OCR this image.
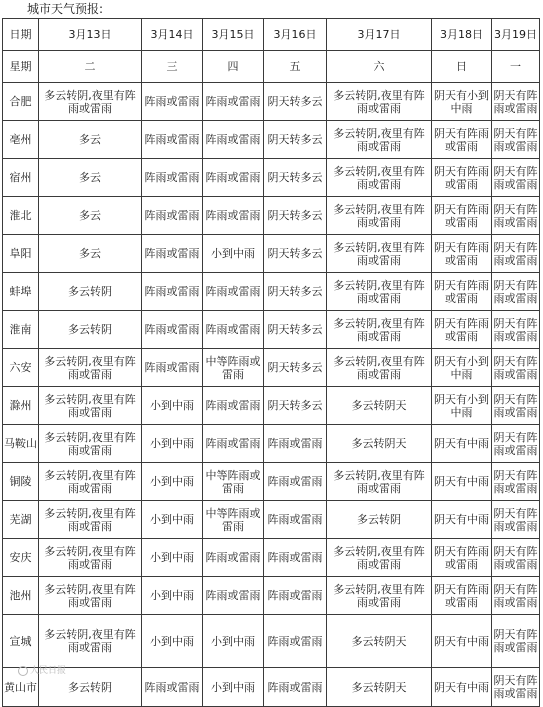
城市天气预报:
日期	3月13日	3月14日	3月15日	3月16日	3月17日	3月18日	3月19日
星期	二	三	四	五	六	日	一
合肥	多云转阴,夜里有阵雨或雷雨	阵雨或雷雨	阵雨或雷雨	阴天转多云	多云转阴,夜里有阵雨或雷雨	阴天有小到中雨	阴天有阵雨或雷雨
亳州	多云	阵雨或雷雨	阵雨或雷雨	阴天转多云	多云转阴,夜里有阵雨或雷雨	阴天有阵雨或雷雨	阴天有阵雨或雷雨
宿州	多云	阵雨或雷雨	阵雨或雷雨	阴天转多云	多云转阴,夜里有阵雨或雷雨	阴天有阵雨或雷雨	阴天有阵雨或雷雨
淮北	多云	阵雨或雷雨	阵雨或雷雨	阴天转多云	多云转阴,夜里有阵雨或雷雨	阴天有阵雨或雷雨	阴天有阵雨或雷雨
阜阳	多云	阵雨或雷雨	小到中雨	阴天转多云	多云转阴,夜里有阵雨或雷雨	阴天有阵雨或雷雨	阴天有阵雨或雷雨
蚌埠	多云转阴	阵雨或雷雨	阵雨或雷雨	阴天转多云	多云转阴,夜里有阵雨或雷雨	阴天有阵雨或雷雨	阴天有阵雨或雷雨
淮南	多云转阴	阵雨或雷雨	阵雨或雷雨	阴天转多云	多云转阴,夜里有阵雨或雷雨	阴天有阵雨或雷雨	阴天有阵雨或雷雨
六安	多云转阴,夜里有阵雨或雷雨	阵雨或雷雨	中等阵雨或雷雨	阴天转多云	多云转阴,夜里有阵雨或雷雨	阴天有小到中雨	阴天有阵雨或雷雨
滁州	多云转阴,夜里有阵雨或雷雨	小到中雨	阵雨或雷雨	阴天转多云	多云转阴天	阴天有小到中雨	阴天有阵雨或雷雨
马鞍山	多云转阴,夜里有阵雨或雷雨	小到中雨	阵雨或雷雨	阵雨或雷雨	多云转阴天	阴天有中雨	阴天有阵雨或雷雨
铜陵	多云转阴,夜里有阵雨或雷雨	小到中雨	中等阵雨或雷雨	阵雨或雷雨	多云转阴,夜里有阵雨或雷雨	阴天有中雨	阴天有阵雨或雷雨
芜湖	多云转阴,夜里有阵雨或雷雨	小到中雨	中等阵雨或雷雨	阵雨或雷雨	多云转阴	阴天有中雨	阴天有阵雨或雷雨
安庆	多云转阴,夜里有阵雨或雷雨	小到中雨	阵雨或雷雨	阵雨或雷雨	多云转阴,夜里有阵雨或雷雨	阴天有阵雨或雷雨	阴天有阵雨或雷雨
池州	多云转阴,夜里有阵雨或雷雨	小到中雨	阵雨或雷雨	阵雨或雷雨	多云转阴,夜里有阵雨或雷雨	阴天有阵雨或雷雨	阴天有阵雨或雷雨
宣城	多云转阴,夜里有阵雨或雷雨	小到中雨	小到中雨	阵雨或雷雨	多云转阴天	阴天有中雨	阴天有阵雨或雷雨
黄山市	多云转阴	阵雨或雷雨	小到中雨	阵雨或雷雨	多云转阴天	阴天有中雨	阴天有阵雨或雷雨
人民日报
